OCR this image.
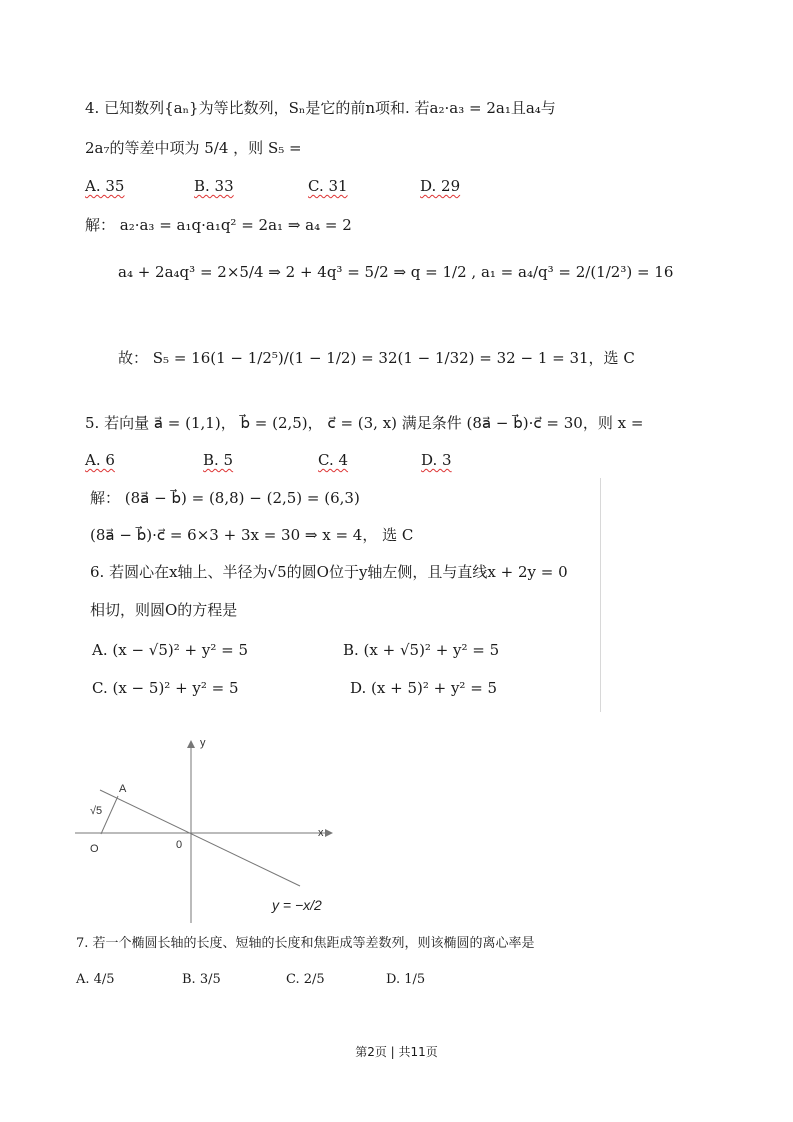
4. 已知数列{aₙ}为等比数列，Sₙ是它的前n项和. 若a₂·a₃ = 2a₁且a₄与
2a₇的等差中项为 5/4 ，则 S₅ =
A. 35	B. 33	C. 31	D. 29
解： a₂·a₃ = a₁q·a₁q² = 2a₁ ⇒ a₄ = 2
a₄ + 2a₄q³ = 2×5/4 ⇒ 2 + 4q³ = 5/2 ⇒ q = 1/2 , a₁ = a₄/q³ = 2/(1/2³) = 16
故： S₅ = 16(1 − 1/2⁵)/(1 − 1/2) = 32(1 − 1/32) = 32 − 1 = 31，选 C
5. 若向量 a⃗ = (1,1)， b⃗ = (2,5)， c⃗ = (3, x) 满足条件 (8a⃗ − b⃗)·c⃗ = 30，则 x =
A. 6	B. 5	C. 4	D. 3
解： (8a⃗ − b⃗) = (8,8) − (2,5) = (6,3)
(8a⃗ − b⃗)·c⃗ = 6×3 + 3x = 30 ⇒ x = 4， 选 C
6. 若圆心在x轴上、半径为√5的圆O位于y轴左侧，且与直线x + 2y = 0
相切，则圆O的方程是
A. (x − √5)² + y² = 5	B. (x + √5)² + y² = 5
C. (x − 5)² + y² = 5	D. (x + 5)² + y² = 5
y
x
A
√5
O	0
y = −x/2
7. 若一个椭圆长轴的长度、短轴的长度和焦距成等差数列，则该椭圆的离心率是
A. 4/5	B. 3/5	C. 2/5	D. 1/5
第2页 | 共11页
